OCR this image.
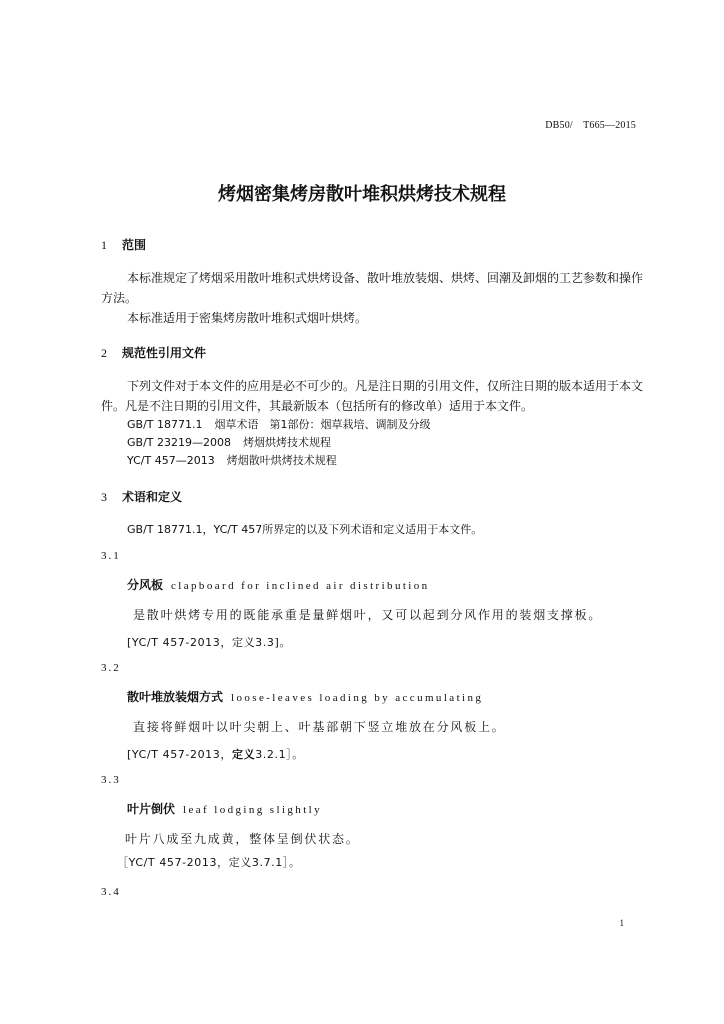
DB50/　T665—2015
烤烟密集烤房散叶堆积烘烤技术规程
1 范围
本标准规定了烤烟采用散叶堆积式烘烤设备、散叶堆放装烟、烘烤、回潮及卸烟的工艺参数和操作
方法。
本标准适用于密集烤房散叶堆积式烟叶烘烤。
2 规范性引用文件
下列文件对于本文件的应用是必不可少的。凡是注日期的引用文件，仅所注日期的版本适用于本文
件。凡是不注日期的引用文件，其最新版本（包括所有的修改单）适用于本文件。
GB/T 18771.1 烟草术语　第1部份：烟草栽培、调制及分级
GB/T 23219—2008 烤烟烘烤技术规程
YC/T 457—2013 烤烟散叶烘烤技术规程
3 术语和定义
GB/T 18771.1，YC/T 457所界定的以及下列术语和定义适用于本文件。
3.1
分风板 clapboard for inclined air distribution
是散叶烘烤专用的既能承重是量鲜烟叶，又可以起到分风作用的装烟支撑板。
[YC/T 457-2013，定义3.3]。
3.2
散叶堆放装烟方式 loose-leaves loading by accumulating
直接将鲜烟叶以叶尖朝上、叶基部朝下竖立堆放在分风板上。
[YC/T 457-2013，定义3.2.1］。
3.3
叶片倒伏 leaf lodging slightly
叶片八成至九成黄，整体呈倒伏状态。
［YC/T 457-2013，定义3.7.1］。
3.4
1
